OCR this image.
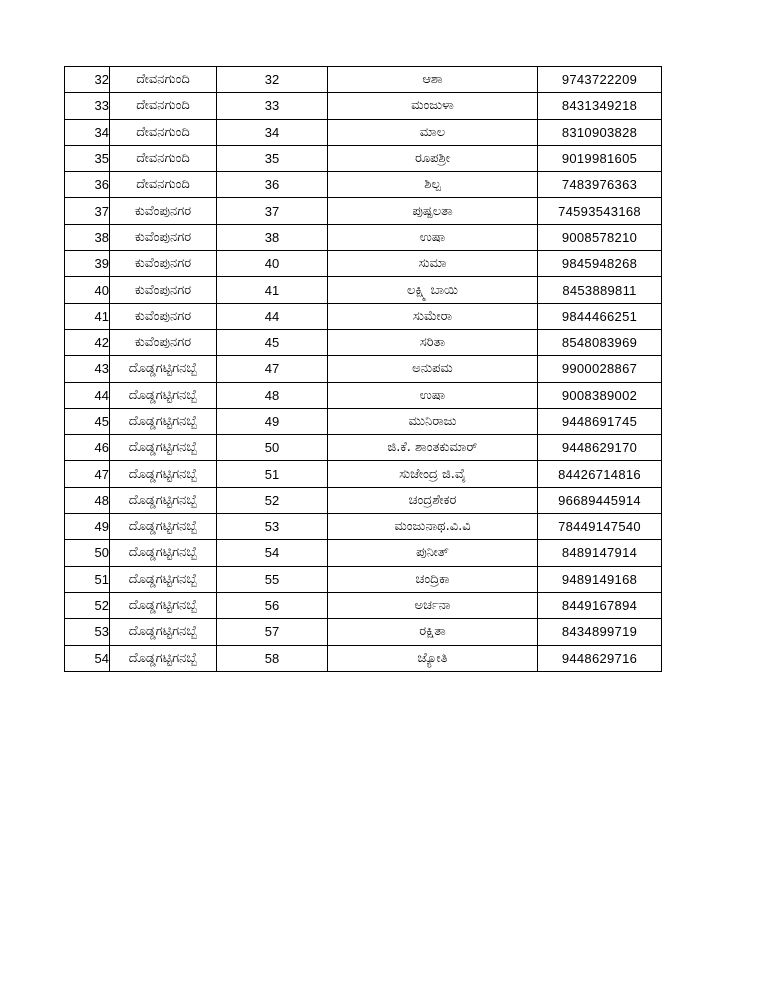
32	ದೇವನಗುಂದಿ	32	ಆಶಾ	9743722209
33	ದೇವನಗುಂದಿ	33	ಮಂಜುಳಾ	8431349218
34	ದೇವನಗುಂದಿ	34	ಮಾಲ	8310903828
35	ದೇವನಗುಂದಿ	35	ರೂಪಶ್ರೀ	9019981605
36	ದೇವನಗುಂದಿ	36	ಶಿಲ್ಪ	7483976363
37	ಕುವೆಂಪುನಗರ	37	ಪುಷ್ಪಲತಾ	74593543168
38	ಕುವೆಂಪುನಗರ	38	ಉಷಾ	9008578210
39	ಕುವೆಂಪುನಗರ	40	ಸುಮಾ	9845948268
40	ಕುವೆಂಪುನಗರ	41	ಲಕ್ಷ್ಮಿ ಬಾಯಿ	8453889811
41	ಕುವೆಂಪುನಗರ	44	ಸುಮೇರಾ	9844466251
42	ಕುವೆಂಪುನಗರ	45	ಸರಿತಾ	8548083969
43	ದೊಡ್ಡಗಟ್ಟಿಗನಬ್ಬೆ	47	ಅನುಪಮ	9900028867
44	ದೊಡ್ಡಗಟ್ಟಿಗನಬ್ಬೆ	48	ಉಷಾ	9008389002
45	ದೊಡ್ಡಗಟ್ಟಿಗನಬ್ಬೆ	49	ಮುನಿರಾಜು	9448691745
46	ದೊಡ್ಡಗಟ್ಟಿಗನಬ್ಬೆ	50	ಜಿ.ಕೆ. ಶಾಂತಕುಮಾರ್	9448629170
47	ದೊಡ್ಡಗಟ್ಟಿಗನಬ್ಬೆ	51	ಸುಜೇಂದ್ರ ಜಿ.ವೈ	84426714816
48	ದೊಡ್ಡಗಟ್ಟಿಗನಬ್ಬೆ	52	ಚಂದ್ರಶೇಕರ	96689445914
49	ದೊಡ್ಡಗಟ್ಟಿಗನಬ್ಬೆ	53	ಮಂಜುನಾಥ.ವಿ.ವಿ	78449147540
50	ದೊಡ್ಡಗಟ್ಟಿಗನಬ್ಬೆ	54	ಪುನೀತ್	8489147914
51	ದೊಡ್ಡಗಟ್ಟಿಗನಬ್ಬೆ	55	ಚಂದ್ರಿಕಾ	9489149168
52	ದೊಡ್ಡಗಟ್ಟಿಗನಬ್ಬೆ	56	ಅರ್ಚನಾ	8449167894
53	ದೊಡ್ಡಗಟ್ಟಿಗನಬ್ಬೆ	57	ರಕ್ಷಿತಾ	8434899719
54	ದೊಡ್ಡಗಟ್ಟಿಗನಬ್ಬೆ	58	ಜ್ಯೋತಿ	9448629716
